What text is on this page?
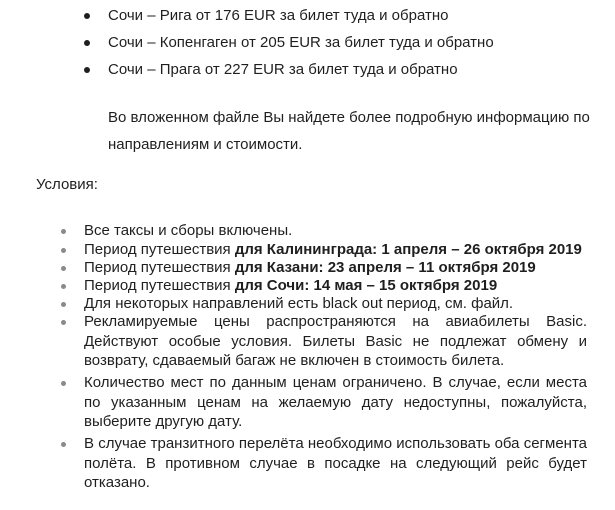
Сочи – Рига от 176 EUR за билет туда и обратно
Сочи – Копенгаген от 205 EUR за билет туда и обратно
Сочи – Прага от 227 EUR за билет туда и обратно
Во вложенном файле Вы найдете более подробную информацию по направлениям и стоимости.
Условия:
Все таксы и сборы включены.
Период путешествия для Калининграда: 1 апреля – 26 октября 2019
Период путешествия для Казани: 23 апреля – 11 октября 2019
Период путешествия для Сочи: 14 мая – 15 октября 2019
Для некоторых направлений есть black out период, см. файл.
Рекламируемые цены распространяются на авиабилеты Basic. Действуют особые условия. Билеты Basic не подлежат обмену и возврату, сдаваемый багаж не включен в стоимость билета.
Количество мест по данным ценам ограничено. В случае, если места по указанным ценам на желаемую дату недоступны, пожалуйста, выберите другую дату.
В случае транзитного перелёта необходимо использовать оба сегмента полёта. В противном случае в посадке на следующий рейс будет отказано.
